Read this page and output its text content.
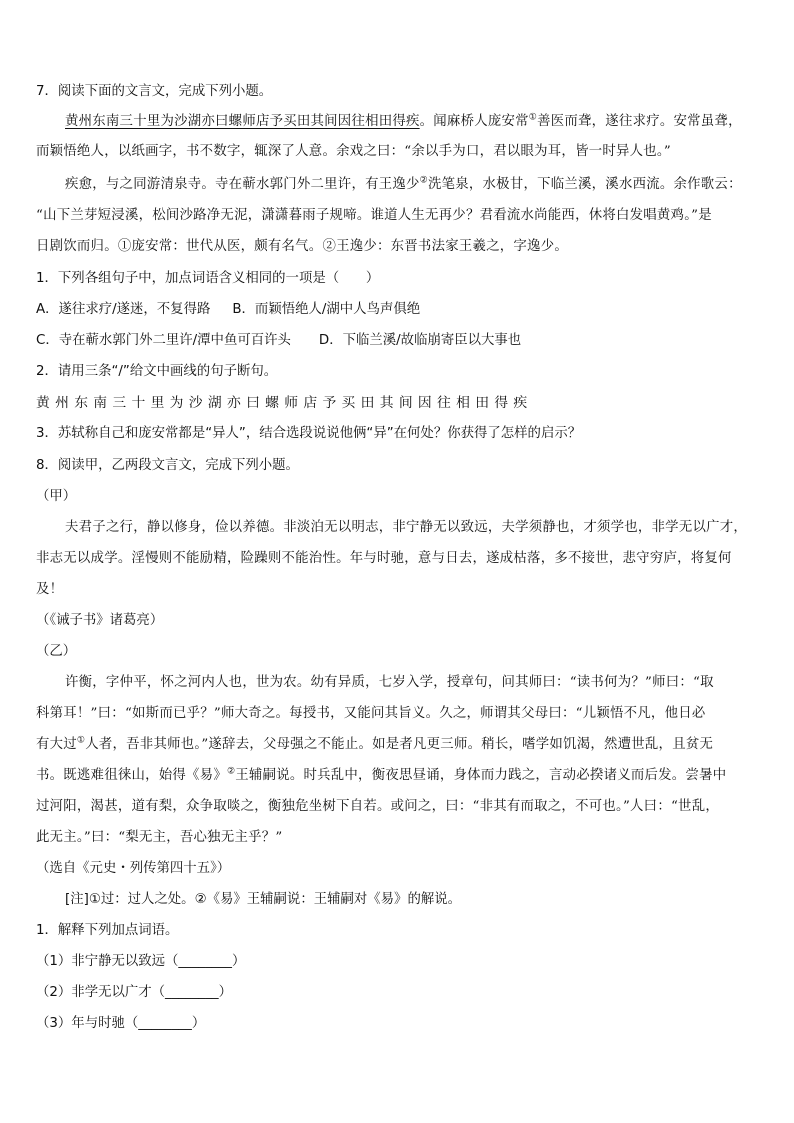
7．阅读下面的文言文，完成下列小题。
黄州东南三十里为沙湖亦曰螺师店予买田其间因往相田得疾。闻麻桥人庞安常①善医而聋，遂往求疗。安常虽聋，
而颖悟绝人，以纸画字，书不数字，辄深了人意。余戏之曰：“余以手为口，君以眼为耳，皆一时异人也。”
疾愈，与之同游清泉寺。寺在蕲水郭门外二里许，有王逸少②洗笔泉，水极甘，下临兰溪，溪水西流。余作歌云：
“山下兰芽短浸溪，松间沙路净无泥，潇潇暮雨子规啼。谁道人生无再少？君看流水尚能西，休将白发唱黄鸡。”是
日剧饮而归。①庞安常：世代从医，颇有名气。②王逸少：东晋书法家王羲之，字逸少。
1．下列各组句子中，加点词语含义相同的一项是（　　）
A．遂往求疗/遂迷，不复得路 B．而颖悟绝人/湖中人鸟声俱绝
C．寺在蕲水郭门外二里许/潭中鱼可百许头 D．下临兰溪/故临崩寄臣以大事也
2．请用三条“/”给文中画线的句子断句。
黄州东南三十里为沙湖亦曰螺师店予买田其间因往相田得疾
3．苏轼称自己和庞安常都是“异人”，结合选段说说他俩“异”在何处？你获得了怎样的启示？
8．阅读甲，乙两段文言文，完成下列小题。
（甲）
夫君子之行，静以修身，俭以养德。非淡泊无以明志，非宁静无以致远，夫学须静也，才须学也，非学无以广才，
非志无以成学。淫慢则不能励精，险躁则不能治性。年与时驰，意与日去，遂成枯落，多不接世，悲守穷庐，将复何
及！
（《诫子书》诸葛亮）
（乙）
许衡，字仲平，怀之河内人也，世为农。幼有异质，七岁入学，授章句，问其师曰：“读书何为？”师曰：“取
科第耳！”曰：“如斯而已乎？”师大奇之。每授书，又能问其旨义。久之，师谓其父母曰：“儿颖悟不凡，他日必
有大过①人者，吾非其师也。”遂辞去，父母强之不能止。如是者凡更三师。稍长，嗜学如饥渴，然遭世乱，且贫无
书。既逃难徂徕山，始得《易》②王辅嗣说。时兵乱中，衡夜思昼诵，身体而力践之，言动必揆诸义而后发。尝暑中
过河阳，渴甚，道有梨，众争取啖之，衡独危坐树下自若。或问之，曰：“非其有而取之，不可也。”人曰：“世乱，
此无主。”曰：“梨无主，吾心独无主乎？”
（选自《元史・列传第四十五》）
[注]①过：过人之处。②《易》王辅嗣说：王辅嗣对《易》的解说。
1．解释下列加点词语。
（1）非宁静无以致远（________）
（2）非学无以广才（________）
（3）年与时驰（________）
